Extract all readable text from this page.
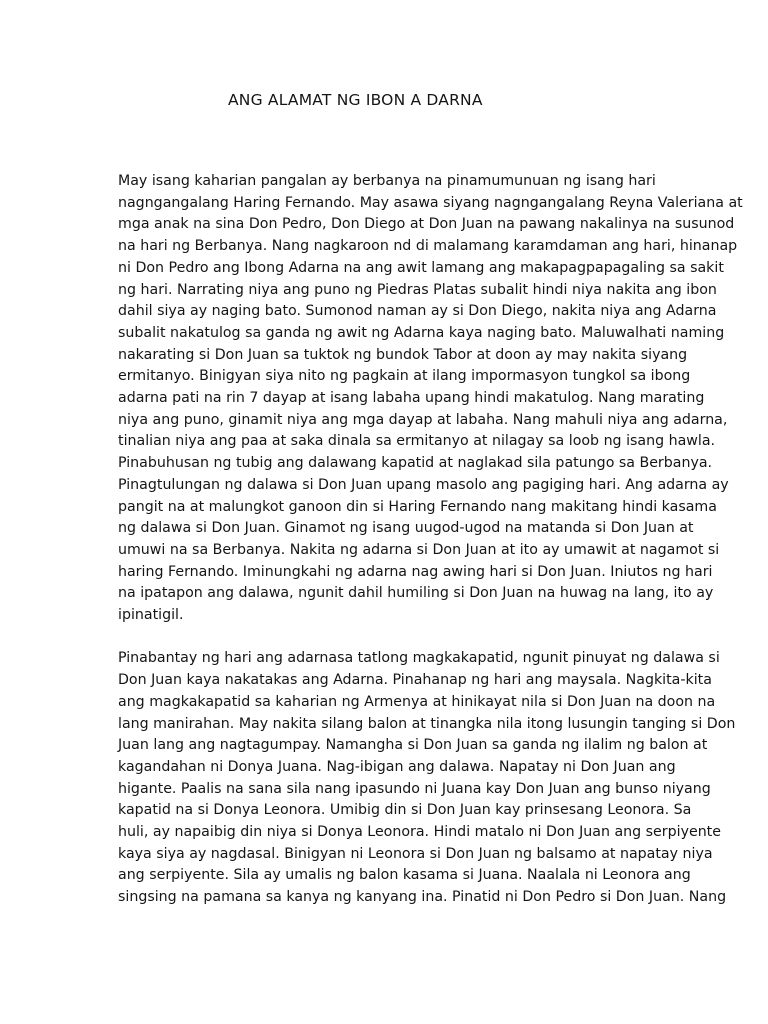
ANG ALAMAT NG IBON A DARNA

May isang kaharian pangalan ay berbanya na pinamumunuan ng isang hari
nagngangalang Haring Fernando. May asawa siyang nagngangalang Reyna Valeriana at
mga anak na sina Don Pedro, Don Diego at Don Juan na pawang nakalinya na susunod
na hari ng Berbanya. Nang nagkaroon nd di malamang karamdaman ang hari, hinanap
ni Don Pedro ang Ibong Adarna na ang awit lamang ang makapagpapagaling sa sakit
ng hari. Narrating niya ang puno ng Piedras Platas subalit hindi niya nakita ang ibon
dahil siya ay naging bato. Sumonod naman ay si Don Diego, nakita niya ang Adarna
subalit nakatulog sa ganda ng awit ng Adarna kaya naging bato. Maluwalhati naming
nakarating si Don Juan sa tuktok ng bundok Tabor at doon ay may nakita siyang
ermitanyo. Binigyan siya nito ng pagkain at ilang impormasyon tungkol sa ibong
adarna pati na rin 7 dayap at isang labaha upang hindi makatulog. Nang marating
niya ang puno, ginamit niya ang mga dayap at labaha. Nang mahuli niya ang adarna,
tinalian niya ang paa at saka dinala sa ermitanyo at nilagay sa loob ng isang hawla.
Pinabuhusan ng tubig ang dalawang kapatid at naglakad sila patungo sa Berbanya.
Pinagtulungan ng dalawa si Don Juan upang masolo ang pagiging hari. Ang adarna ay
pangit na at malungkot ganoon din si Haring Fernando nang makitang hindi kasama
ng dalawa si Don Juan. Ginamot ng isang uugod-ugod na matanda si Don Juan at
umuwi na sa Berbanya. Nakita ng adarna si Don Juan at ito ay umawit at nagamot si
haring Fernando. Iminungkahi ng adarna nag awing hari si Don Juan. Iniutos ng hari
na ipatapon ang dalawa, ngunit dahil humiling si Don Juan na huwag na lang, ito ay
ipinatigil.

Pinabantay ng hari ang adarnasa tatlong magkakapatid, ngunit pinuyat ng dalawa si
Don Juan kaya nakatakas ang Adarna. Pinahanap ng hari ang maysala. Nagkita-kita
ang magkakapatid sa kaharian ng Armenya at hinikayat nila si Don Juan na doon na
lang manirahan. May nakita silang balon at tinangka nila itong lusungin tanging si Don
Juan lang ang nagtagumpay. Namangha si Don Juan sa ganda ng ilalim ng balon at
kagandahan ni Donya Juana. Nag-ibigan ang dalawa. Napatay ni Don Juan ang
higante. Paalis na sana sila nang ipasundo ni Juana kay Don Juan ang bunso niyang
kapatid na si Donya Leonora. Umibig din si Don Juan kay prinsesang Leonora. Sa
huli, ay napaibig din niya si Donya Leonora. Hindi matalo ni Don Juan ang serpiyente
kaya siya ay nagdasal. Binigyan ni Leonora si Don Juan ng balsamo at napatay niya
ang serpiyente. Sila ay umalis ng balon kasama si Juana. Naalala ni Leonora ang
singsing na pamana sa kanya ng kanyang ina. Pinatid ni Don Pedro si Don Juan. Nang
